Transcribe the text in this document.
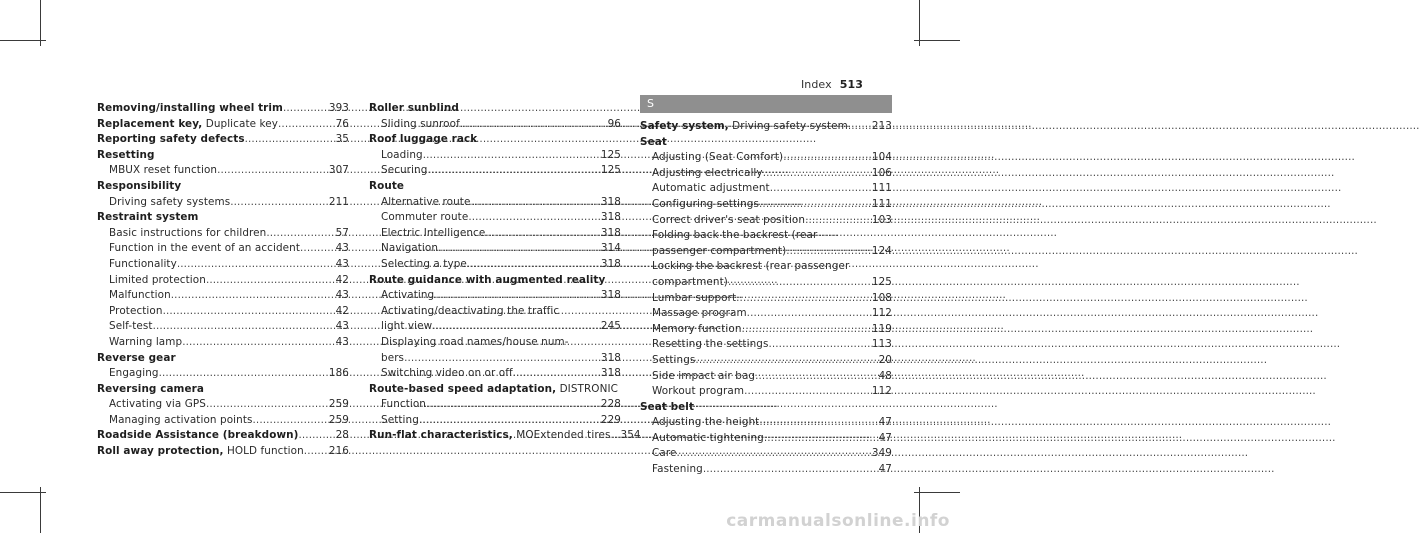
Index 513
Removing/installing wheel trim .....	393
Replacement key, Duplicate key .....	76
Reporting safety defects .....	35
Resetting
MBUX reset function .....	307
Responsibility
Driving safety systems .....	211
Restraint system
Basic instructions for children .....	57
Function in the event of an accident .....	43
Functionality .....	43
Limited protection .....	42
Malfunction .....	43
Protection .....	42
Self-test .....	43
Warning lamp .....	43
Reverse gear
Engaging .....	186
Reversing camera
Activating via GPS .....	259
Managing activation points .....	259
Roadside Assistance (breakdown) .....	28
Roll away protection, HOLD function ..... 216
Roller sunblind
Sliding sunroof .....	96
Roof luggage rack
Loading .....	125
Securing .....	125
Route
Alternative route .....	318
Commuter route .....	318
Electric Intelligence .....	318
Navigation .....	314
Selecting a type .....	318
Route guidance with augmented reality
Activating .....	318
Activating/deactivating the traffic
light view .....	245
Displaying road names/house num-
bers .....	318
Switching video on or off .....	318
Route-based speed adaptation, DISTRONIC
Function .....	228
Setting .....	229
Run-flat characteristics, MOExtended tires ..... 354
S
Safety system, Driving safety system ..... 213
Seat
Adjusting (Seat Comfort) .....	104
Adjusting electrically .....	106
Automatic adjustment .....	111
Configuring settings .....	111
Correct driver's seat position .....	103
Folding back the backrest (rear
passenger compartment) .....	124
Locking the backrest (rear passenger
compartment) .....	125
Lumbar support .....	108
Massage program .....	112
Memory function .....	119
Resetting the settings .....	113
Settings .....	20
Side impact air bag .....	48
Workout program .....	112
Seat belt
Adjusting the height .....	47
Automatic tightening .....	47
Care .....	349
Fastening .....	47
carmanualsonline.info
